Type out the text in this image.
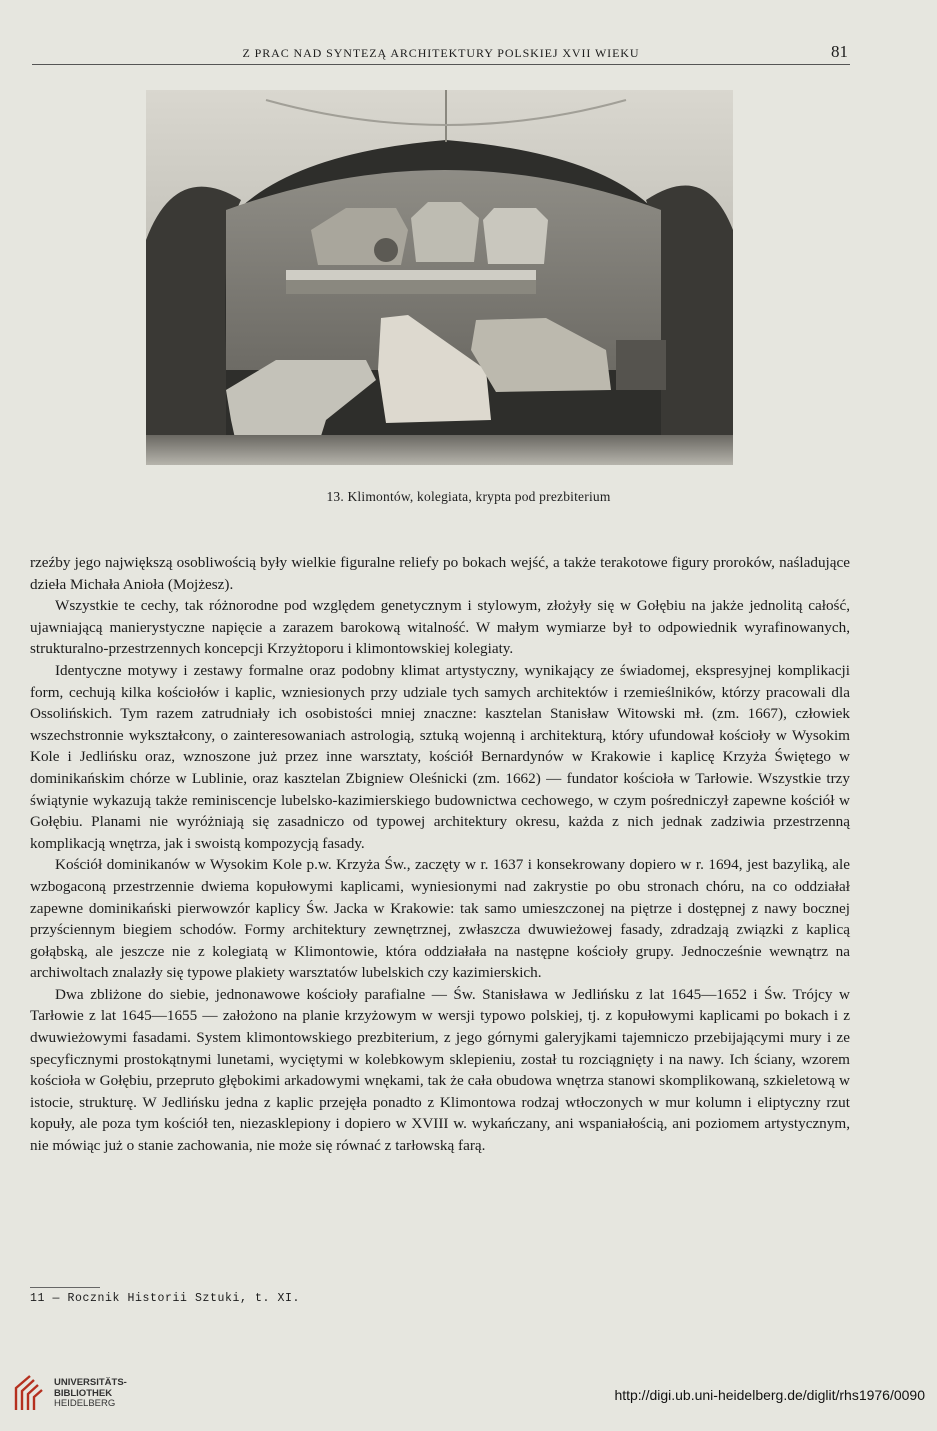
Z PRAC NAD SYNTEZĄ ARCHITEKTURY POLSKIEJ XVII WIEKU	81
13. Klimontów, kolegiata, krypta pod prezbiterium

rzeźby jego największą osobliwością były wielkie figuralne reliefy po bokach wejść, a także terakotowe figury proroków, naśladujące dzieła Michała Anioła (Mojżesz).

Wszystkie te cechy, tak różnorodne pod względem genetycznym i stylowym, złożyły się w Gołębiu na jakże jednolitą całość, ujawniającą manierystyczne napięcie a zarazem barokową witalność. W małym wymiarze był to odpowiednik wyrafinowanych, strukturalno-przestrzennych koncepcji Krzyżtoporu i klimontowskiej kolegiaty.

Identyczne motywy i zestawy formalne oraz podobny klimat artystyczny, wynikający ze świadomej, ekspresyjnej komplikacji form, cechują kilka kościołów i kaplic, wzniesionych przy udziale tych samych architektów i rzemieślników, którzy pracowali dla Ossolińskich. Tym razem zatrudniały ich osobistości mniej znaczne: kasztelan Stanisław Witowski mł. (zm. 1667), człowiek wszechstronnie wykształcony, o zainteresowaniach astrologią, sztuką wojenną i architekturą, który ufundował kościoły w Wysokim Kole i Jedlińsku oraz, wznoszone już przez inne warsztaty, kościół Bernardynów w Krakowie i kaplicę Krzyża Świętego w dominikańskim chórze w Lublinie, oraz kasztelan Zbigniew Oleśnicki (zm. 1662) — fundator kościoła w Tarłowie. Wszystkie trzy świątynie wykazują także reminiscencje lubelsko-kazimierskiego budownictwa cechowego, w czym pośredniczył zapewne kościół w Gołębiu. Planami nie wyróżniają się zasadniczo od typowej architektury okresu, każda z nich jednak zadziwia przestrzenną komplikacją wnętrza, jak i swoistą kompozycją fasady.

Kościół dominikanów w Wysokim Kole p.w. Krzyża Św., zaczęty w r. 1637 i konsekrowany dopiero w r. 1694, jest bazyliką, ale wzbogaconą przestrzennie dwiema kopułowymi kaplicami, wyniesionymi nad zakrystie po obu stronach chóru, na co oddziałał zapewne dominikański pierwowzór kaplicy Św. Jacka w Krakowie: tak samo umieszczonej na piętrze i dostępnej z nawy bocznej przyściennym biegiem schodów. Formy architektury zewnętrznej, zwłaszcza dwuwieżowej fasady, zdradzają związki z kaplicą gołąbską, ale jeszcze nie z kolegiatą w Klimontowie, która oddziałała na następne kościoły grupy. Jednocześnie wewnątrz na archiwoltach znalazły się typowe plakiety warsztatów lubelskich czy kazimierskich.

Dwa zbliżone do siebie, jednonawowe kościoły parafialne — Św. Stanisława w Jedlińsku z lat 1645—1652 i Św. Trójcy w Tarłowie z lat 1645—1655 — założono na planie krzyżowym w wersji typowo polskiej, tj. z kopułowymi kaplicami po bokach i z dwuwieżowymi fasadami. System klimontowskiego prezbiterium, z jego górnymi galeryjkami tajemniczo przebijającymi mury i ze specyficznymi prostokątnymi lunetami, wyciętymi w kolebkowym sklepieniu, został tu rozciągnięty i na nawy. Ich ściany, wzorem kościoła w Gołębiu, przepruto głębokimi arkadowymi wnękami, tak że cała obudowa wnętrza stanowi skomplikowaną, szkieletową w istocie, strukturę. W Jedlińsku jedna z kaplic przejęła ponadto z Klimontowa rodzaj wtłoczonych w mur kolumn i eliptyczny rzut kopuły, ale poza tym kościół ten, niezasklepiony i dopiero w XVIII w. wykańczany, ani wspaniałością, ani poziomem artystycznym, nie mówiąc już o stanie zachowania, nie może się równać z tarłowską farą.

11 — Rocznik Historii Sztuki, t. XI.
UNIVERSITÄTS-
BIBLIOTHEK
HEIDELBERG
http://digi.ub.uni-heidelberg.de/diglit/rhs1976/0090
